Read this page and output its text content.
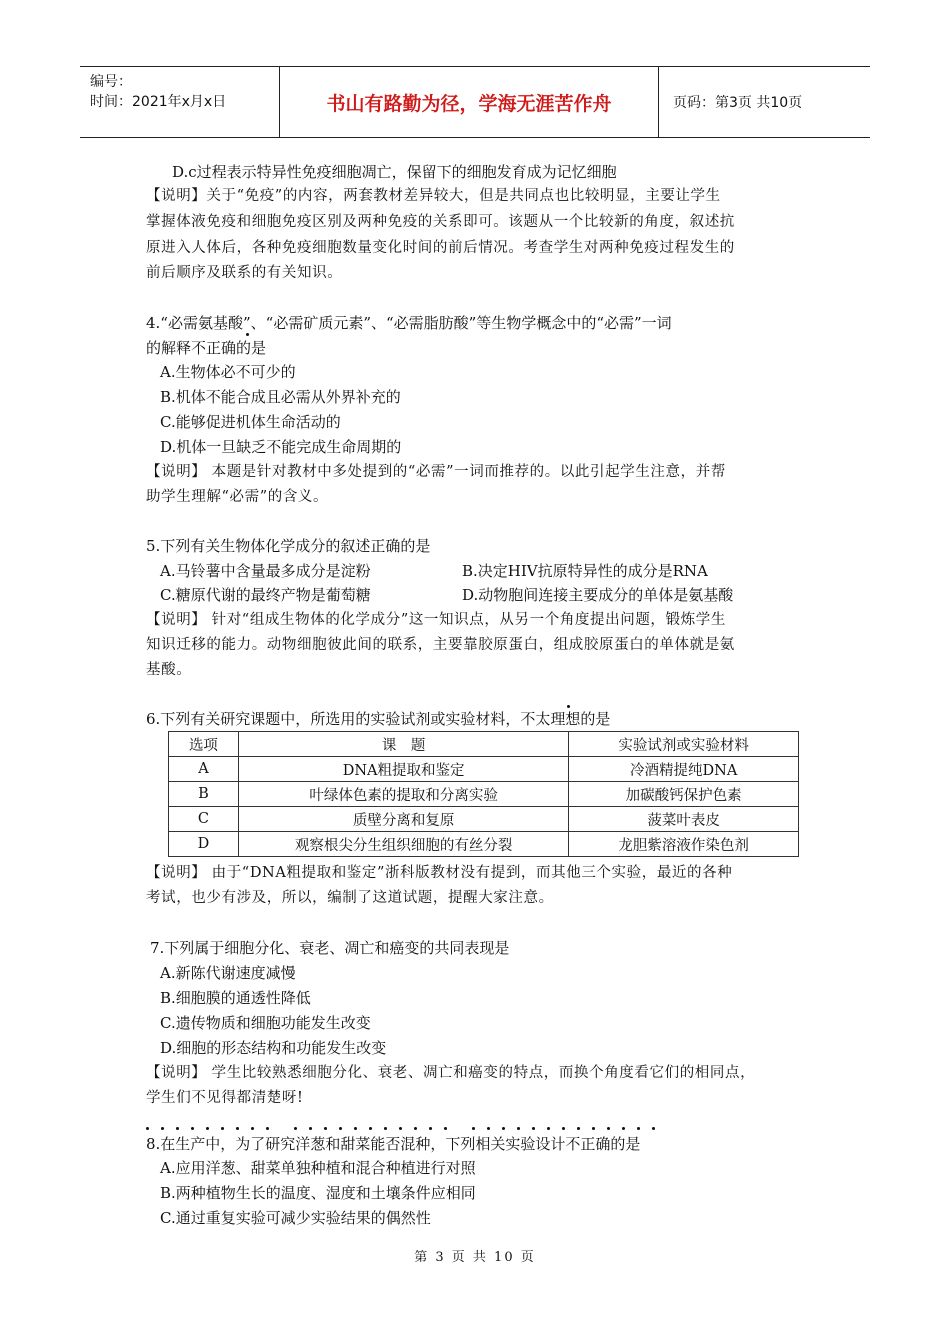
编号：
时间：2021年x月x日	书山有路勤为径，学海无涯苦作舟	页码：第3页 共10页
D.c过程表示特异性免疫细胞凋亡，保留下的细胞发育成为记忆细胞
【说明】关于“免疫”的内容，两套教材差异较大，但是共同点也比较明显，主要让学生
掌握体液免疫和细胞免疫区别及两种免疫的关系即可。该题从一个比较新的角度，叙述抗
原进入人体后，各种免疫细胞数量变化时间的前后情况。考查学生对两种免疫过程发生的
前后顺序及联系的有关知识。
4.“必需氨基酸”、“必需矿质元素”、“必需脂肪酸”等生物学概念中的“必需”一词
的解释不正确的是
A.生物体必不可少的
B.机体不能合成且必需从外界补充的
C.能够促进机体生命活动的
D.机体一旦缺乏不能完成生命周期的
【说明】 本题是针对教材中多处提到的“必需”一词而推荐的。以此引起学生注意，并帮
助学生理解“必需”的含义。
5.下列有关生物体化学成分的叙述正确的是
A.马铃薯中含量最多成分是淀粉	B.决定HIV抗原特异性的成分是RNA
C.糖原代谢的最终产物是葡萄糖	D.动物胞间连接主要成分的单体是氨基酸
【说明】 针对“组成生物体的化学成分”这一知识点，从另一个角度提出问题，锻炼学生
知识迁移的能力。动物细胞彼此间的联系，主要靠胶原蛋白，组成胶原蛋白的单体就是氨
基酸。
6.下列有关研究课题中，所选用的实验试剂或实验材料，不太理想的是
选项	课　题	实验试剂或实验材料
A	DNA粗提取和鉴定	冷酒精提纯DNA
B	叶绿体色素的提取和分离实验	加碳酸钙保护色素
C	质壁分离和复原	菠菜叶表皮
D	观察根尖分生组织细胞的有丝分裂	龙胆紫溶液作染色剂
【说明】 由于“DNA粗提取和鉴定”浙科版教材没有提到，而其他三个实验，最近的各种
考试，也少有涉及，所以，编制了这道试题，提醒大家注意。
7.下列属于细胞分化、衰老、凋亡和癌变的共同表现是
A.新陈代谢速度减慢
B.细胞膜的通透性降低
C.遗传物质和细胞功能发生改变
D.细胞的形态结构和功能发生改变
【说明】 学生比较熟悉细胞分化、衰老、凋亡和癌变的特点，而换个角度看它们的相同点，
学生们不见得都清楚呀!
8.在生产中，为了研究洋葱和甜菜能否混种，下列相关实验设计不正确的是
A.应用洋葱、甜菜单独种植和混合种植进行对照
B.两种植物生长的温度、湿度和土壤条件应相同
C.通过重复实验可减少实验结果的偶然性
第 3 页 共 10 页
